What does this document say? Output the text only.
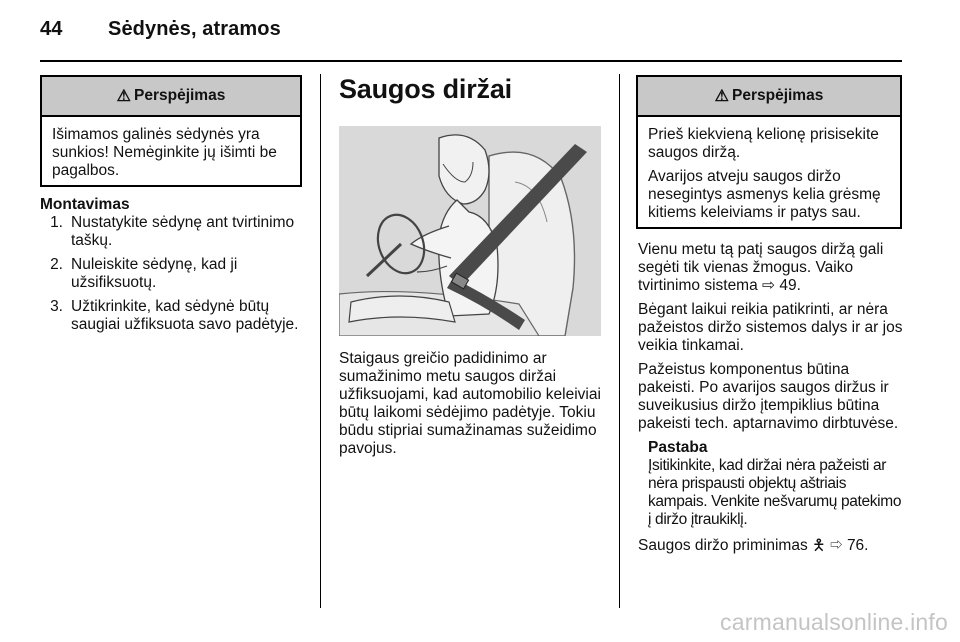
44 Sėdynės, atramos
⚠ Perspėjimas

Išimamos galinės sėdynės yra sunkios! Nemėginkite jų išimti be pagalbos.

Montavimas
1. Nustatykite sėdynę ant tvirtinimo taškų.
2. Nuleiskite sėdynę, kad ji užsifiksuotų.
3. Užtikrinkite, kad sėdynė būtų saugiai užfiksuota savo padėtyje.
Saugos diržai
Staigaus greičio padidinimo ar sumažinimo metu saugos diržai užfiksuojami, kad automobilio keleiviai būtų laikomi sėdėjimo padėtyje. Tokiu būdu stipriai sumažinamas sužeidimo pavojus.
⚠ Perspėjimas

Prieš kiekvieną kelionę prisisekite saugos diržą.

Avarijos atveju saugos diržo nesegintys asmenys kelia grėsmę kitiems keleiviams ir patys sau.

Vienu metu tą patį saugos diržą gali segėti tik vienas žmogus. Vaiko tvirtinimo sistema ⇨ 49.

Bėgant laikui reikia patikrinti, ar nėra pažeistos diržo sistemos dalys ir ar jos veikia tinkamai.

Pažeistus komponentus būtina pakeisti. Po avarijos saugos diržus ir suveikusius diržo įtempiklius būtina pakeisti tech. aptarnavimo dirbtuvėse.

Pastaba
Įsitikinkite, kad diržai nėra pažeisti ar nėra prispausti objektų aštriais kampais. Venkite nešvarumų patekimo į diržo įtraukiklį.

Saugos diržo priminimas 🯅 ⇨ 76.

carmanualsonline.info
